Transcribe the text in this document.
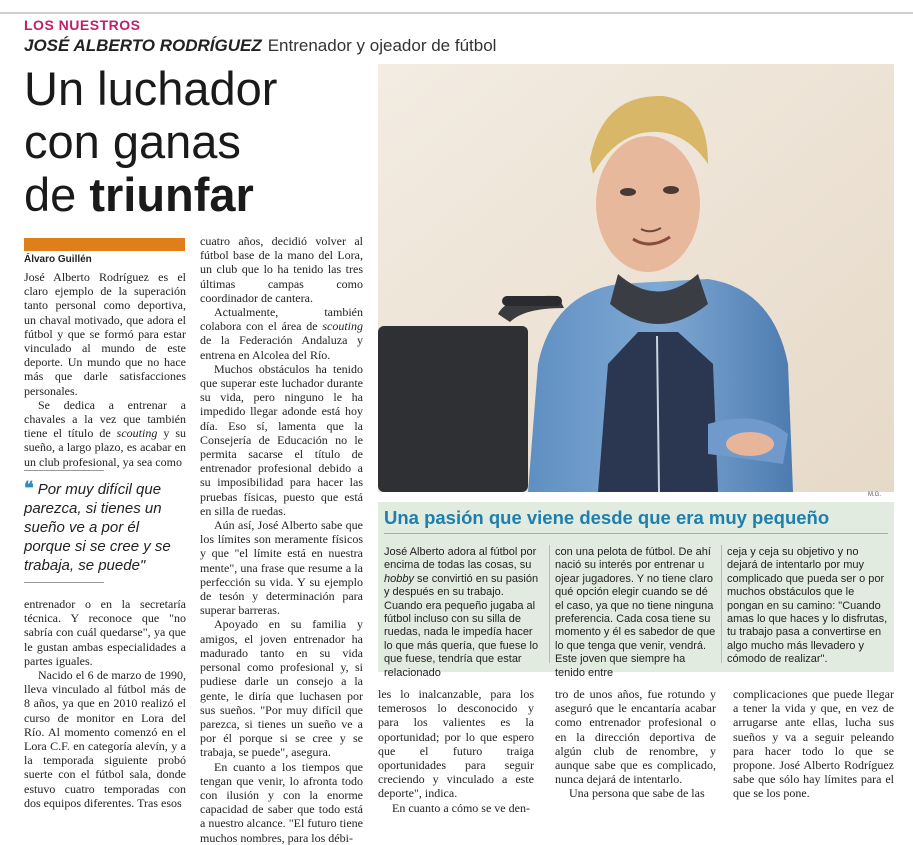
LOS NUESTROS
JOSÉ ALBERTO RODRÍGUEZ Entrenador y ojeador de fútbol
Un luchador
con ganas
de triunfar
Álvaro Guillén

José Alberto Rodríguez es el claro ejemplo de la superación tanto personal como deportiva, un chaval motivado, que adora el fútbol y que se formó para estar vinculado al mundo de este deporte. Un mundo que no hace más que darle satisfacciones personales.

Se dedica a entrenar a chavales a la vez que también tiene el título de scouting y su sueño, a largo plazo, es acabar en un club profesional, ya sea como

❝ Por muy difícil que parezca, si tienes un sueño ve a por él porque si se cree y se trabaja, se puede"

entrenador o en la secretaría técnica. Y reconoce que "no sabría con cuál quedarse", ya que le gustan ambas especialidades a partes iguales.

Nacido el 6 de marzo de 1990, lleva vinculado al fútbol más de 8 años, ya que en 2010 realizó el curso de monitor en Lora del Río. Al momento comenzó en el Lora C.F. en categoría alevín, y a la temporada siguiente probó suerte con el fútbol sala, donde estuvo cuatro temporadas con dos equipos diferentes. Tras esos

cuatro años, decidió volver al fútbol base de la mano del Lora, un club que lo ha tenido las tres últimas campas como coordinador de cantera.

Actualmente, también colabora con el área de scouting de la Federación Andaluza y entrena en Alcolea del Río.

Muchos obstáculos ha tenido que superar este luchador durante su vida, pero ninguno le ha impedido llegar adonde está hoy día. Eso sí, lamenta que la Consejería de Educación no le permita sacarse el título de entrenador profesional debido a su imposibilidad para hacer las pruebas físicas, puesto que está en silla de ruedas.

Aún así, José Alberto sabe que los límites son meramente físicos y que "el límite está en nuestra mente", una frase que resume a la perfección su vida. Y su ejemplo de tesón y determinación para superar barreras.

Apoyado en su familia y amigos, el joven entrenador ha madurado tanto en su vida personal como profesional y, si pudiese darle un consejo a la gente, le diría que luchasen por sus sueños. "Por muy difícil que parezca, si tienes un sueño ve a por él porque si se cree y se trabaja, se puede", asegura.

En cuanto a los tiempos que tengan que venir, lo afronta todo con ilusión y con la enorme capacidad de saber que todo está a nuestro alcance. "El futuro tiene muchos nombres, para los débi-

M.G.
Una pasión que viene desde que era muy pequeño
José Alberto adora al fútbol por encima de todas las cosas, su hobby se convirtió en su pasión y después en su trabajo. Cuando era pequeño jugaba al fútbol incluso con su silla de ruedas, nada le impedía hacer lo que más quería, que fuese lo que fuese, tendría que estar relacionado
con una pelota de fútbol. De ahí nació su interés por entrenar u ojear jugadores. Y no tiene claro qué opción elegir cuando se dé el caso, ya que no tiene ninguna preferencia. Cada cosa tiene su momento y él es sabedor de que lo que tenga que venir, vendrá. Este joven que siempre ha tenido entre
ceja y ceja su objetivo y no dejará de intentarlo por muy complicado que pueda ser o por muchos obstáculos que le pongan en su camino: "Cuando amas lo que haces y lo disfrutas, tu trabajo pasa a convertirse en algo mucho más llevadero y cómodo de realizar".

les lo inalcanzable, para los temerosos lo desconocido y para los valientes es la oportunidad; por lo que espero que el futuro traiga oportunidades para seguir creciendo y vinculado a este deporte", indica.

En cuanto a cómo se ve den-

tro de unos años, fue rotundo y aseguró que le encantaría acabar como entrenador profesional o en la dirección deportiva de algún club de renombre, y aunque sabe que es complicado, nunca dejará de intentarlo.

Una persona que sabe de las

complicaciones que puede llegar a tener la vida y que, en vez de arrugarse ante ellas, lucha sus sueños y va a seguir peleando para hacer todo lo que se propone. José Alberto Rodríguez sabe que sólo hay límites para el que se los pone.
